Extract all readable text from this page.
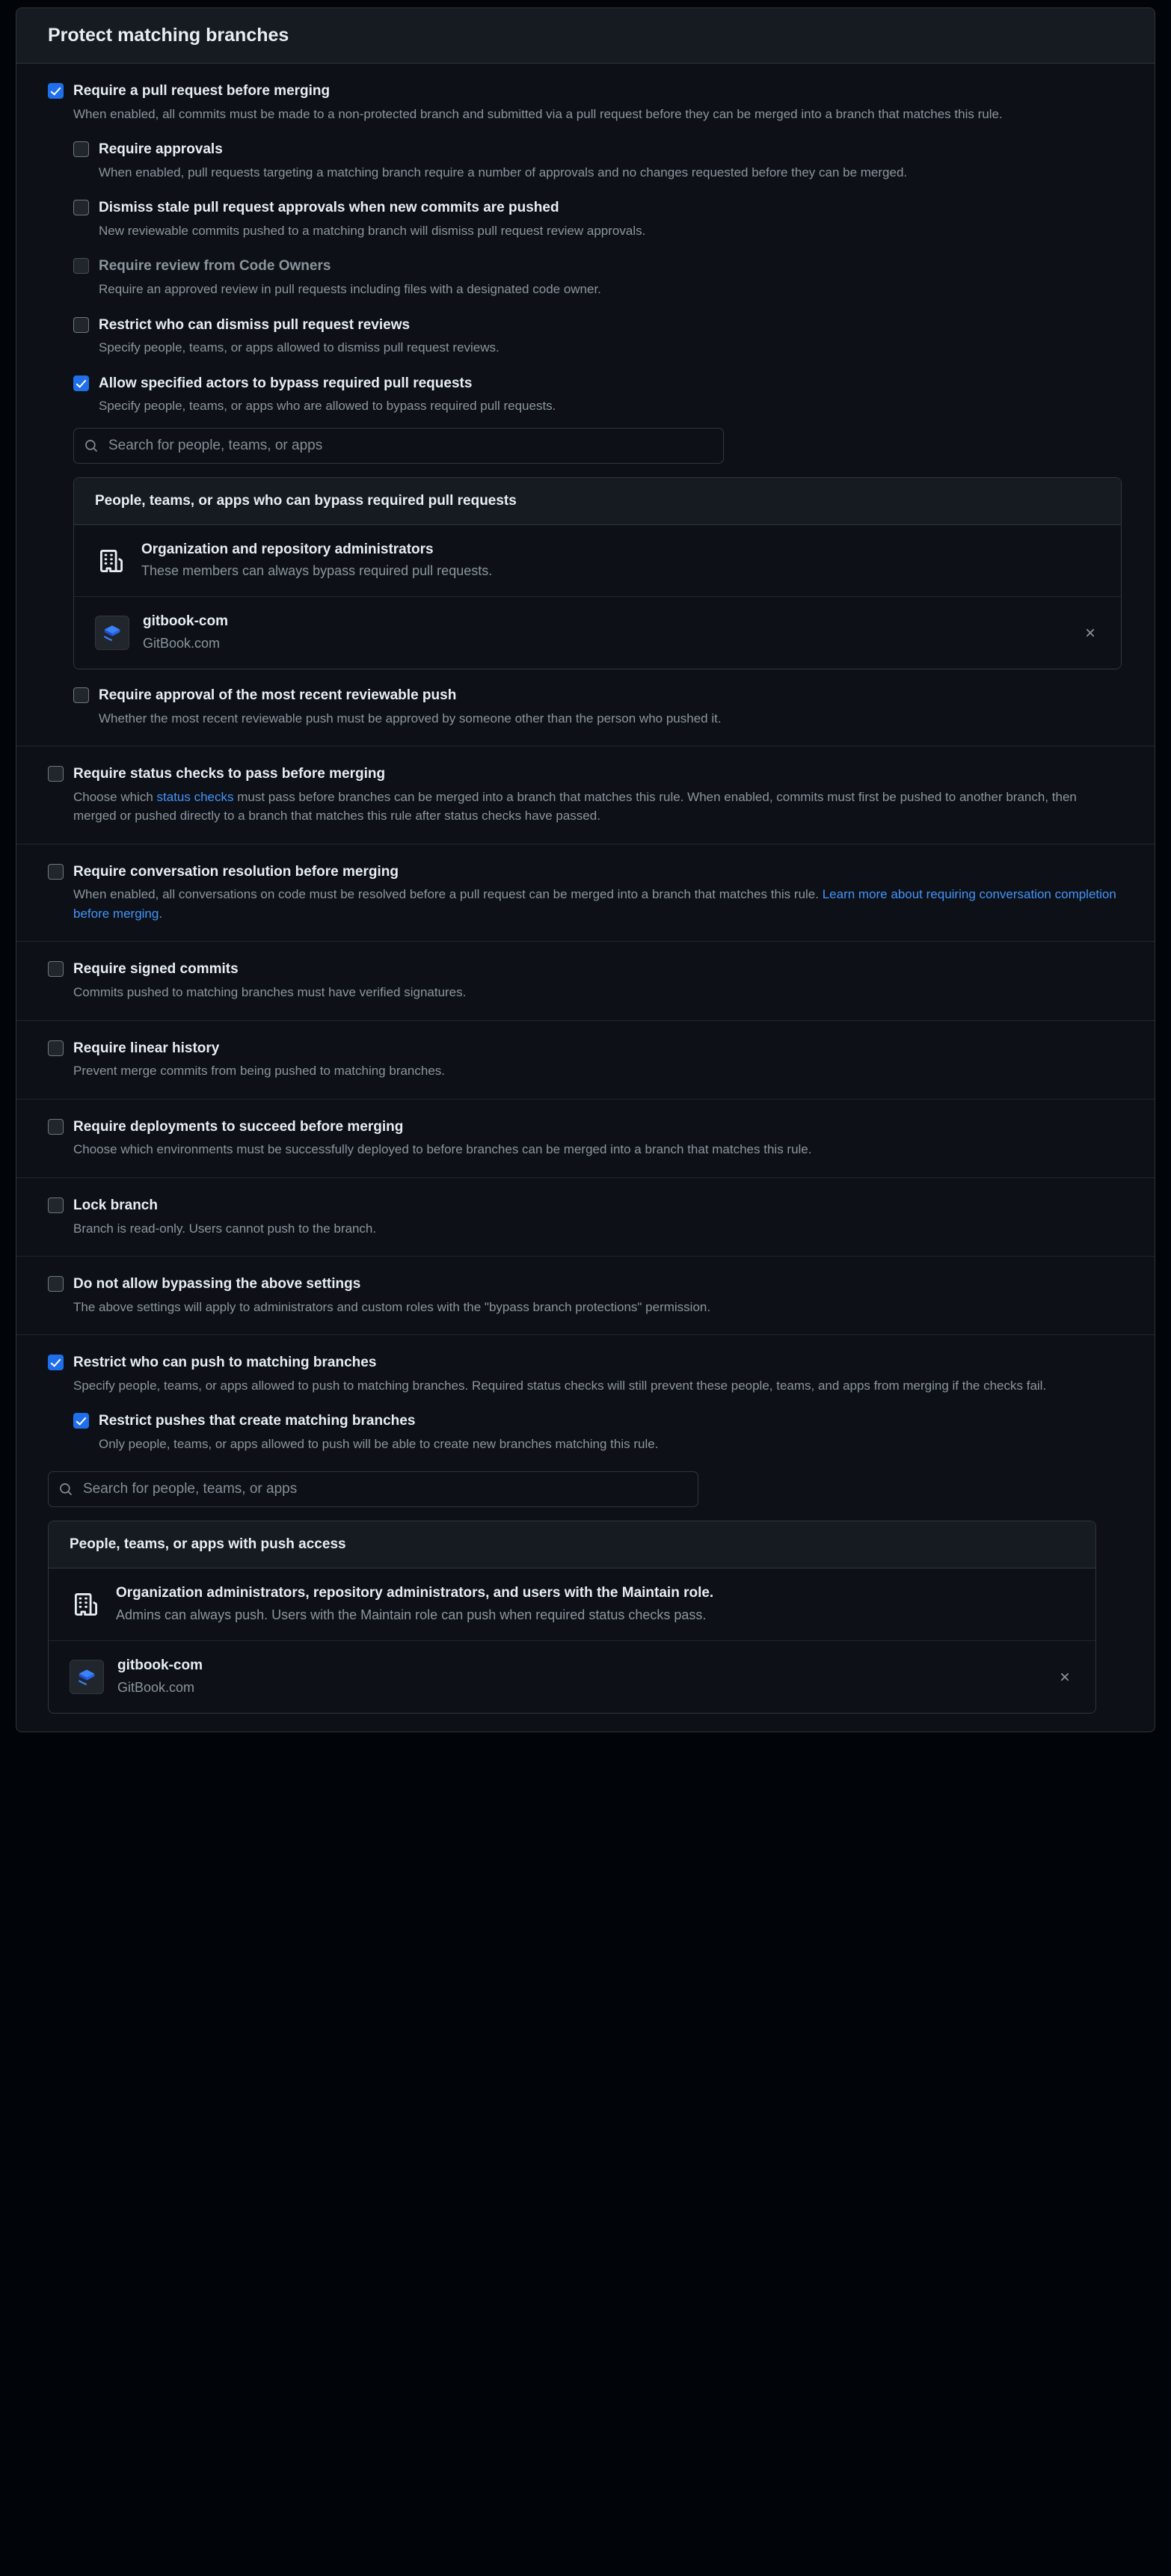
Protect matching branches
Require a pull request before merging
When enabled, all commits must be made to a non-protected branch and submitted via a pull request before they can be merged into a branch that matches this rule.
Require approvals
When enabled, pull requests targeting a matching branch require a number of approvals and no changes requested before they can be merged.
Dismiss stale pull request approvals when new commits are pushed
New reviewable commits pushed to a matching branch will dismiss pull request review approvals.
Require review from Code Owners
Require an approved review in pull requests including files with a designated code owner.
Restrict who can dismiss pull request reviews
Specify people, teams, or apps allowed to dismiss pull request reviews.
Allow specified actors to bypass required pull requests
Specify people, teams, or apps who are allowed to bypass required pull requests.
Search for people, teams, or apps
People, teams, or apps who can bypass required pull requests
Organization and repository administrators
These members can always bypass required pull requests.
gitbook-com
GitBook.com
Require approval of the most recent reviewable push
Whether the most recent reviewable push must be approved by someone other than the person who pushed it.
Require status checks to pass before merging
Choose which status checks must pass before branches can be merged into a branch that matches this rule. When enabled, commits must first be pushed to another branch, then merged or pushed directly to a branch that matches this rule after status checks have passed.
Require conversation resolution before merging
When enabled, all conversations on code must be resolved before a pull request can be merged into a branch that matches this rule. Learn more about requiring conversation completion before merging.
Require signed commits
Commits pushed to matching branches must have verified signatures.
Require linear history
Prevent merge commits from being pushed to matching branches.
Require deployments to succeed before merging
Choose which environments must be successfully deployed to before branches can be merged into a branch that matches this rule.
Lock branch
Branch is read-only. Users cannot push to the branch.
Do not allow bypassing the above settings
The above settings will apply to administrators and custom roles with the "bypass branch protections" permission.
Restrict who can push to matching branches
Specify people, teams, or apps allowed to push to matching branches. Required status checks will still prevent these people, teams, and apps from merging if the checks fail.
Restrict pushes that create matching branches
Only people, teams, or apps allowed to push will be able to create new branches matching this rule.
Search for people, teams, or apps
People, teams, or apps with push access
Organization administrators, repository administrators, and users with the Maintain role.
Admins can always push. Users with the Maintain role can push when required status checks pass.
gitbook-com
GitBook.com
